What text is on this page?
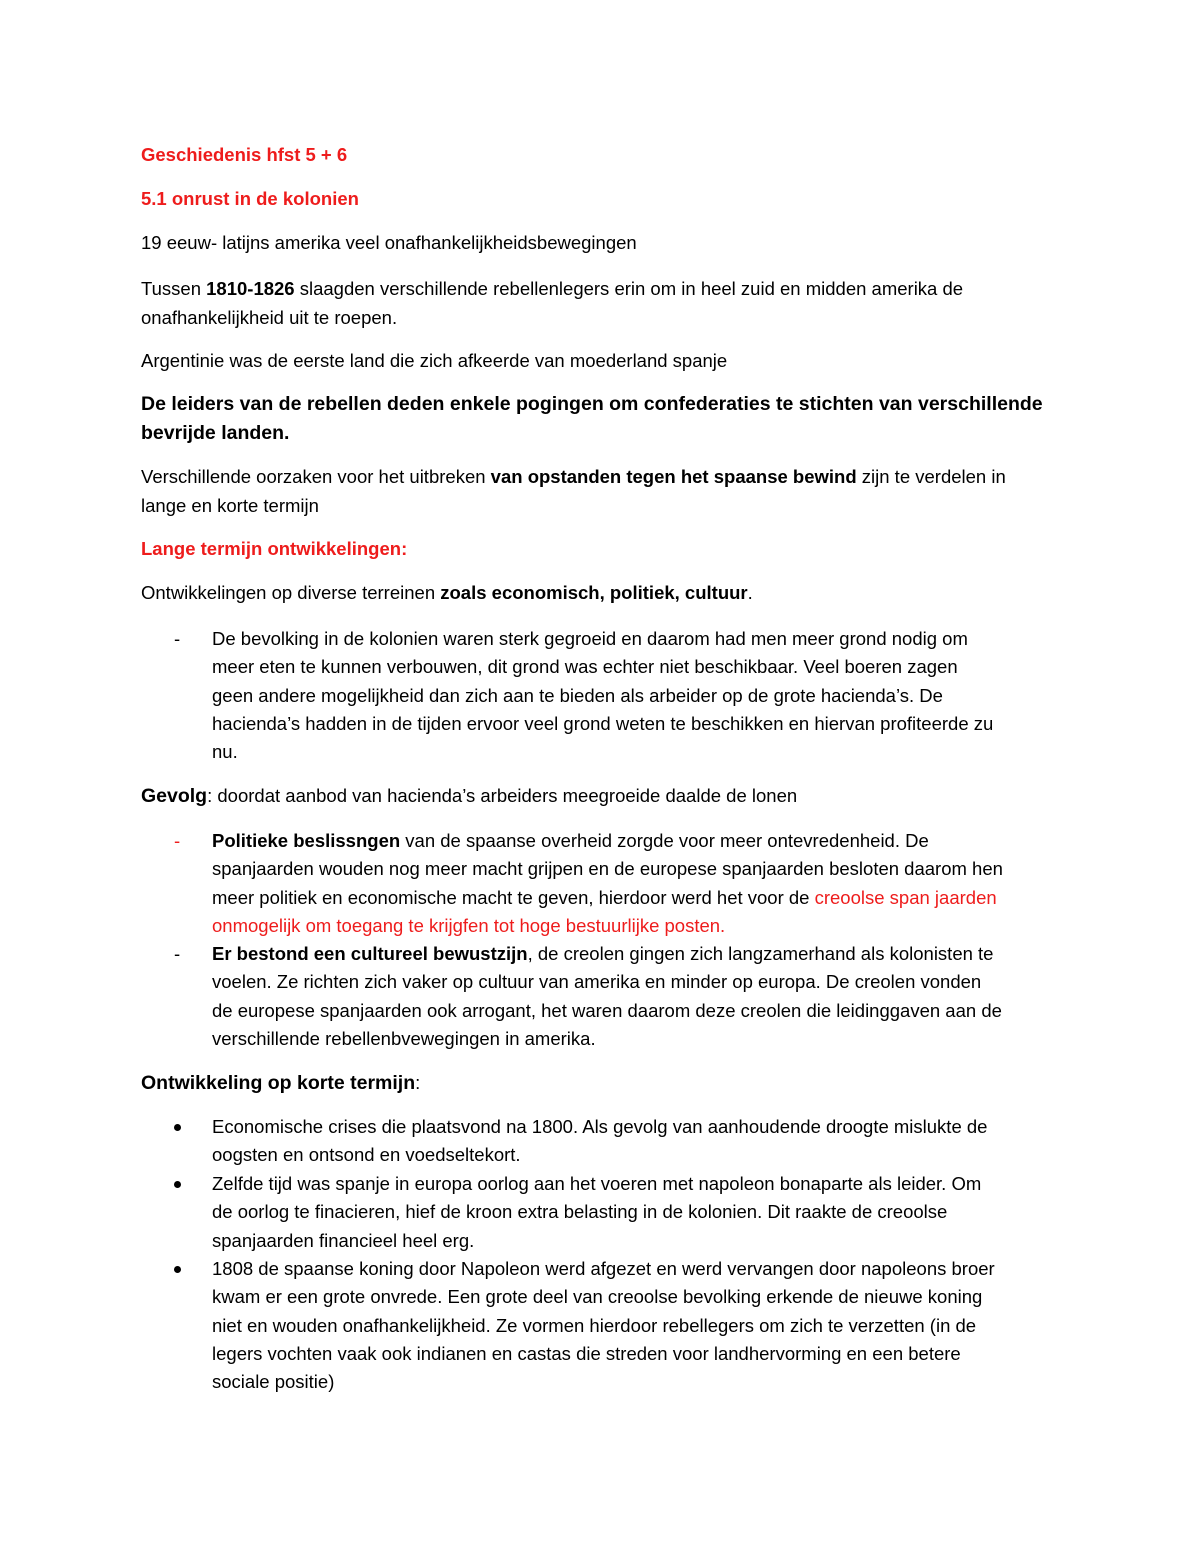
Geschiedenis hfst 5 + 6
5.1 onrust in de kolonien
19 eeuw- latijns amerika veel onafhankelijkheidsbewegingen
Tussen 1810-1826 slaagden verschillende rebellenlegers erin om in heel zuid en midden amerika de
onafhankelijkheid uit te roepen.
Argentinie was de eerste land die zich afkeerde van moederland spanje
De leiders van de rebellen deden enkele pogingen om confederaties te stichten van verschillende
bevrijde landen.
Verschillende oorzaken voor het uitbreken van opstanden tegen het spaanse bewind zijn te verdelen in
lange en korte termijn
Lange termijn ontwikkelingen:
Ontwikkelingen op diverse terreinen zoals economisch, politiek, cultuur.
- De bevolking in de kolonien waren sterk gegroeid en daarom had men meer grond nodig om
meer eten te kunnen verbouwen, dit grond was echter niet beschikbaar. Veel boeren zagen
geen andere mogelijkheid dan zich aan te bieden als arbeider op de grote hacienda’s. De
hacienda’s hadden in de tijden ervoor veel grond weten te beschikken en hiervan profiteerde zu
nu.
Gevolg: doordat aanbod van hacienda’s arbeiders meegroeide daalde de lonen
- Politieke beslissngen van de spaanse overheid zorgde voor meer ontevredenheid. De
spanjaarden wouden nog meer macht grijpen en de europese spanjaarden besloten daarom hen
meer politiek en economische macht te geven, hierdoor werd het voor de creoolse span jaarden
onmogelijk om toegang te krijgfen tot hoge bestuurlijke posten.
- Er bestond een cultureel bewustzijn, de creolen gingen zich langzamerhand als kolonisten te
voelen. Ze richten zich vaker op cultuur van amerika en minder op europa. De creolen vonden
de europese spanjaarden ook arrogant, het waren daarom deze creolen die leidinggaven aan de
verschillende rebellenbvewegingen in amerika.
Ontwikkeling op korte termijn:
Economische crises die plaatsvond na 1800. Als gevolg van aanhoudende droogte mislukte de
oogsten en ontsond en voedseltekort.
Zelfde tijd was spanje in europa oorlog aan het voeren met napoleon bonaparte als leider. Om
de oorlog te finacieren, hief de kroon extra belasting in de kolonien. Dit raakte de creoolse
spanjaarden financieel heel erg.
1808 de spaanse koning door Napoleon werd afgezet en werd vervangen door napoleons broer
kwam er een grote onvrede. Een grote deel van creoolse bevolking erkende de nieuwe koning
niet en wouden onafhankelijkheid. Ze vormen hierdoor rebellegers om zich te verzetten (in de
legers vochten vaak ook indianen en castas die streden voor landhervorming en een betere
sociale positie)
